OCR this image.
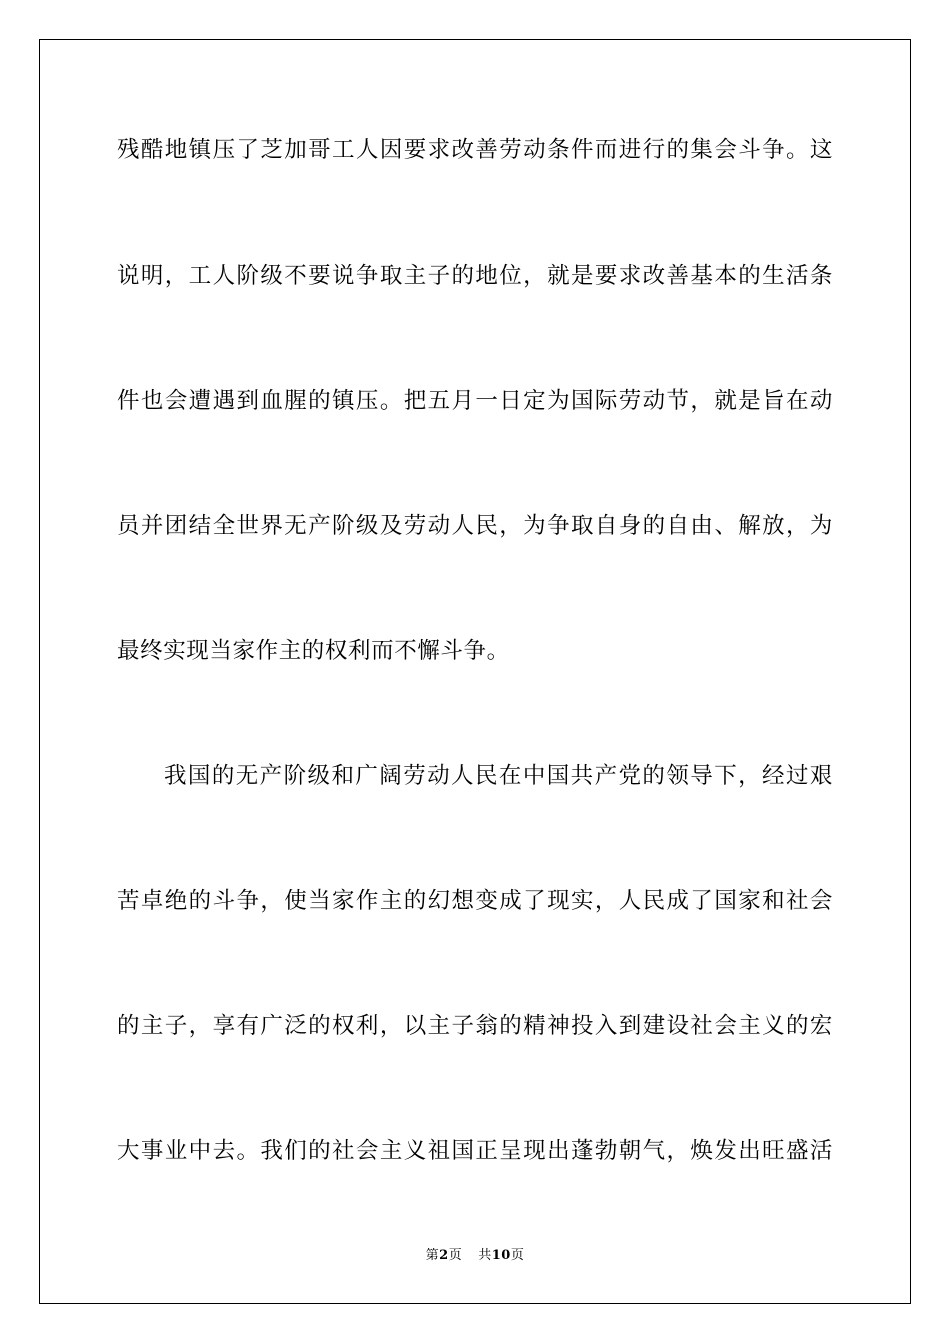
残酷地镇压了芝加哥工人因要求改善劳动条件而进行的集会斗争。这
说明，工人阶级不要说争取主子的地位，就是要求改善基本的生活条
件也会遭遇到血腥的镇压。把五月一日定为国际劳动节，就是旨在动
员并团结全世界无产阶级及劳动人民，为争取自身的自由、解放，为
最终实现当家作主的权利而不懈斗争。
我国的无产阶级和广阔劳动人民在中国共产党的领导下，经过艰
苦卓绝的斗争，使当家作主的幻想变成了现实，人民成了国家和社会
的主子，享有广泛的权利，以主子翁的精神投入到建设社会主义的宏
大事业中去。我们的社会主义祖国正呈现出蓬勃朝气，焕发出旺盛活
第2页 共10页
